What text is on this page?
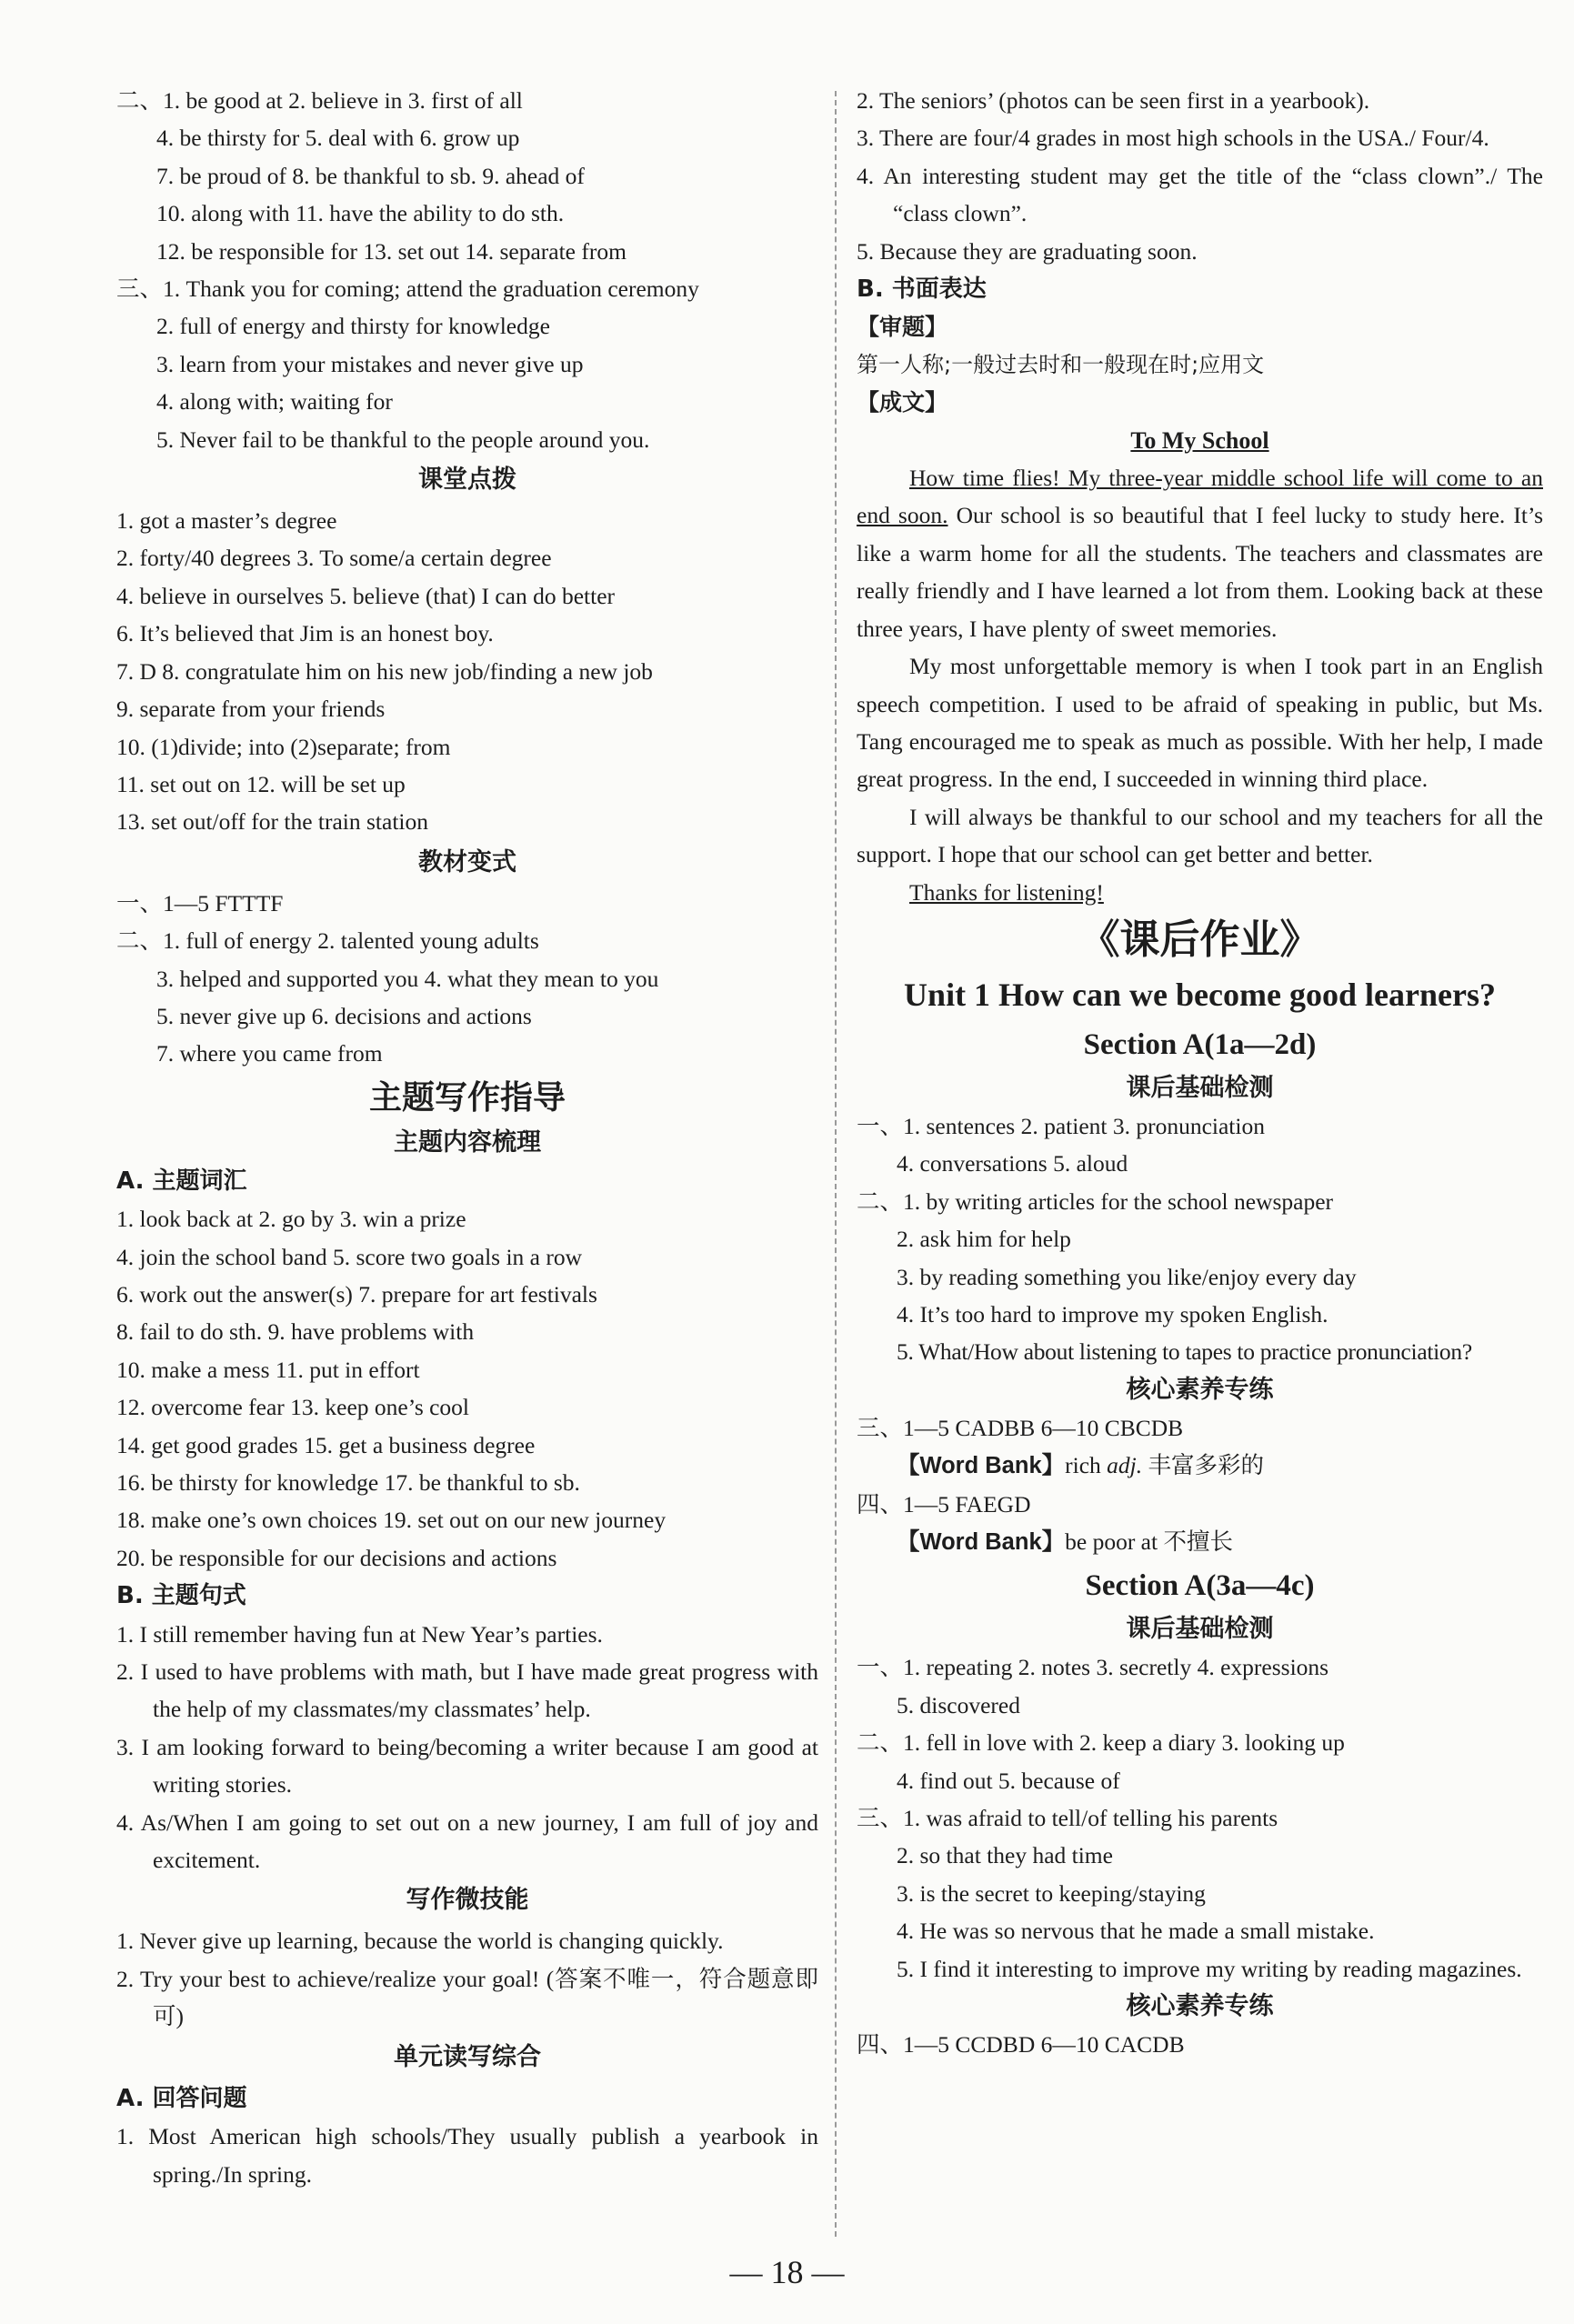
二、1. be good at 2. believe in 3. first of all
4. be thirsty for 5. deal with 6. grow up
7. be proud of 8. be thankful to sb. 9. ahead of
10. along with 11. have the ability to do sth.
12. be responsible for 13. set out 14. separate from
三、1. Thank you for coming; attend the graduation ceremony
2. full of energy and thirsty for knowledge
3. learn from your mistakes and never give up
4. along with; waiting for
5. Never fail to be thankful to the people around you.
课堂点拨
1. got a master’s degree
2. forty/40 degrees 3. To some/a certain degree
4. believe in ourselves 5. believe (that) I can do better
6. It’s believed that Jim is an honest boy.
7. D 8. congratulate him on his new job/finding a new job
9. separate from your friends
10. (1)divide; into (2)separate; from
11. set out on 12. will be set up
13. set out/off for the train station
教材变式
一、1—5 FTTTF
二、1. full of energy 2. talented young adults
3. helped and supported you 4. what they mean to you
5. never give up 6. decisions and actions
7. where you came from
主题写作指导
主题内容梳理
A. 主题词汇
1. look back at 2. go by 3. win a prize
4. join the school band 5. score two goals in a row
6. work out the answer(s) 7. prepare for art festivals
8. fail to do sth. 9. have problems with
10. make a mess 11. put in effort
12. overcome fear 13. keep one’s cool
14. get good grades 15. get a business degree
16. be thirsty for knowledge 17. be thankful to sb.
18. make one’s own choices 19. set out on our new journey
20. be responsible for our decisions and actions
B. 主题句式
1. I still remember having fun at New Year’s parties.
2. I used to have problems with math, but I have made great progress with the help of my classmates/my classmates’ help.
3. I am looking forward to being/becoming a writer because I am good at writing stories.
4. As/When I am going to set out on a new journey, I am full of joy and excitement.
写作微技能
1. Never give up learning, because the world is changing quickly.
2. Try your best to achieve/realize your goal! (答案不唯一，符合题意即可)
单元读写综合
A. 回答问题
1. Most American high schools/They usually publish a yearbook in spring./In spring.
2. The seniors’ (photos can be seen first in a yearbook).
3. There are four/4 grades in most high schools in the USA./ Four/4.
4. An interesting student may get the title of the “class clown”./ The “class clown”.
5. Because they are graduating soon.
B. 书面表达
【审题】
第一人称;一般过去时和一般现在时;应用文
【成文】
To My School
How time flies! My three-year middle school life will come to an end soon. Our school is so beautiful that I feel lucky to study here. It’s like a warm home for all the students. The teachers and classmates are really friendly and I have learned a lot from them. Looking back at these three years, I have plenty of sweet memories.
My most unforgettable memory is when I took part in an English speech competition. I used to be afraid of speaking in public, but Ms. Tang encouraged me to speak as much as possible. With her help, I made great progress. In the end, I succeeded in winning third place.
I will always be thankful to our school and my teachers for all the support. I hope that our school can get better and better.
Thanks for listening!
《课后作业》
Unit 1 How can we become good learners?
Section A(1a—2d)
课后基础检测
一、1. sentences 2. patient 3. pronunciation
4. conversations 5. aloud
二、1. by writing articles for the school newspaper
2. ask him for help
3. by reading something you like/enjoy every day
4. It’s too hard to improve my spoken English.
5. What/How about listening to tapes to practice pronunciation?
核心素养专练
三、1—5 CADBB 6—10 CBCDB
【Word Bank】rich adj. 丰富多彩的
四、1—5 FAEGD
【Word Bank】be poor at 不擅长
Section A(3a—4c)
课后基础检测
一、1. repeating 2. notes 3. secretly 4. expressions
5. discovered
二、1. fell in love with 2. keep a diary 3. looking up
4. find out 5. because of
三、1. was afraid to tell/of telling his parents
2. so that they had time
3. is the secret to keeping/staying
4. He was so nervous that he made a small mistake.
5. I find it interesting to improve my writing by reading magazines.
核心素养专练
四、1—5 CCDBD 6—10 CACDB
— 18 —
